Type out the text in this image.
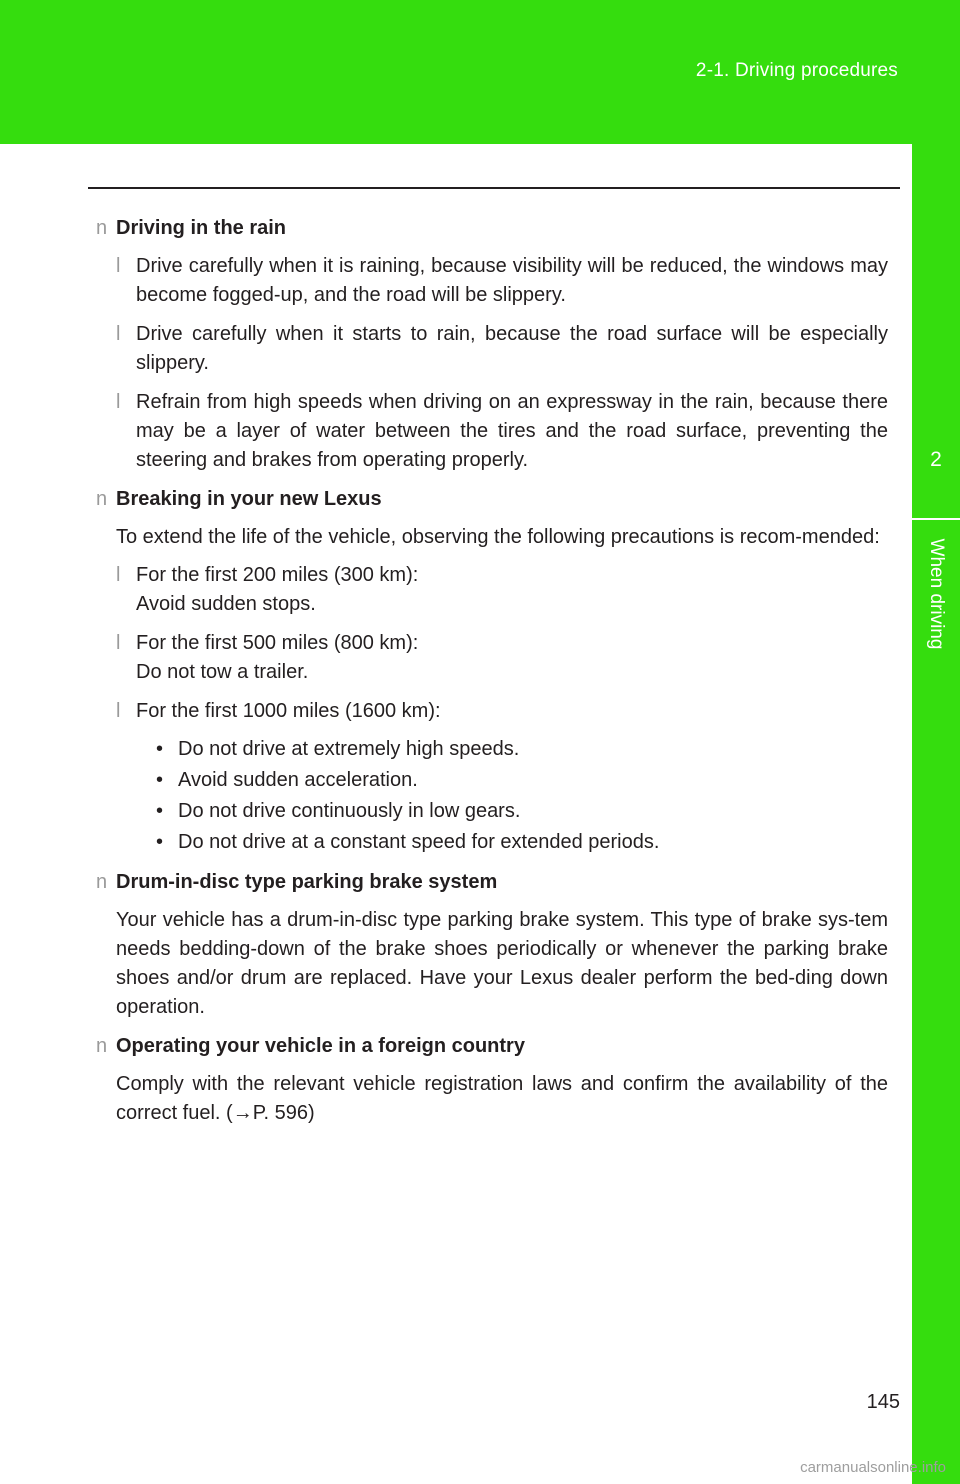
2-1. Driving procedures
2
When driving
n Driving in the rain
l Drive carefully when it is raining, because visibility will be reduced, the windows may become fogged-up, and the road will be slippery.
l Drive carefully when it starts to rain, because the road surface will be especially slippery.
l Refrain from high speeds when driving on an expressway in the rain, because there may be a layer of water between the tires and the road surface, preventing the steering and brakes from operating properly.
n Breaking in your new Lexus
To extend the life of the vehicle, observing the following precautions is recom-mended:
l For the first 200 miles (300 km):
Avoid sudden stops.
l For the first 500 miles (800 km):
Do not tow a trailer.
l For the first 1000 miles (1600 km):
• Do not drive at extremely high speeds.
• Avoid sudden acceleration.
• Do not drive continuously in low gears.
• Do not drive at a constant speed for extended periods.
n Drum-in-disc type parking brake system
Your vehicle has a drum-in-disc type parking brake system. This type of brake sys-tem needs bedding-down of the brake shoes periodically or whenever the parking brake shoes and/or drum are replaced. Have your Lexus dealer perform the bed-ding down operation.
n Operating your vehicle in a foreign country
Comply with the relevant vehicle registration laws and confirm the availability of the correct fuel. (→P. 596)
145
carmanualsonline.info
